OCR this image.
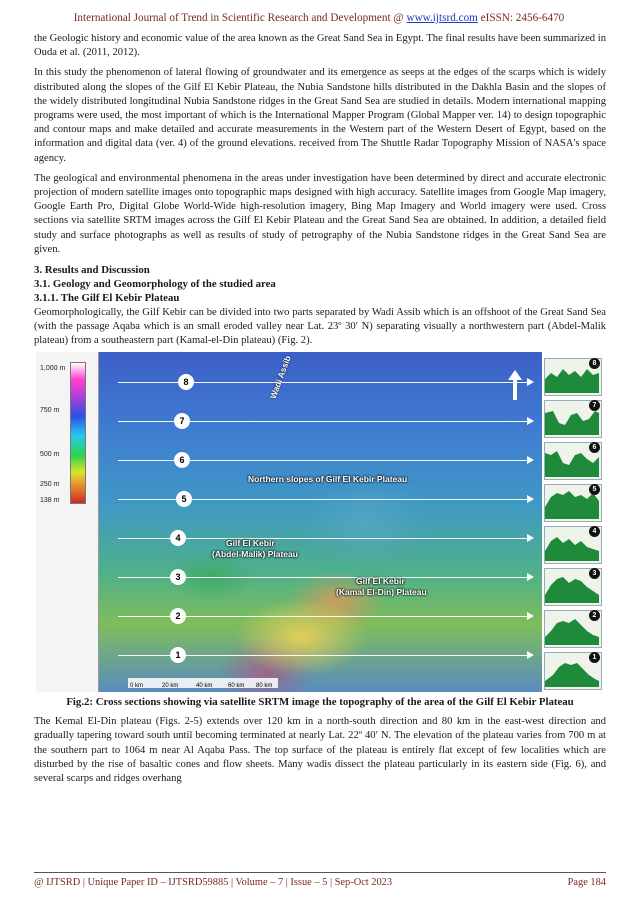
International Journal of Trend in Scientific Research and Development @ www.ijtsrd.com eISSN: 2456-6470

the Geologic history and economic value of the area known as the Great Sand Sea in Egypt. The final results have been summarized in Ouda et al. (2011, 2012).

In this study the phenomenon of lateral flowing of groundwater and its emergence as seeps at the edges of the scarps which is widely distributed along the slopes of the Gilf El Kebir Plateau, the Nubia Sandstone hills distributed in the Dakhla Basin and the slopes of the widely distributed longitudinal Nubia Sandstone ridges in the Great Sand Sea are studied in details. Modern international mapping programs were used, the most important of which is the International Mapper Program (Global Mapper ver. 14) to design topographic and contour maps and make detailed and accurate measurements in the Western part of the Western Desert of Egypt, based on the information and digital data (ver. 4) of the ground elevations. received from The Shuttle Radar Topography Mission of NASA's space agency.

The geological and environmental phenomena in the areas under investigation have been determined by direct and accurate electronic projection of modern satellite images onto topographic maps designed with high accuracy. Satellite images from Google Map imagery, Google Earth Pro, Digital Globe World-Wide high-resolution imagery, Bing Map Imagery and World imagery were used. Cross sections via satellite SRTM images across the Gilf El Kebir Plateau and the Great Sand Sea are obtained. In addition, a detailed field study and surface photographs as well as results of study of petrography of the Nubia Sandstone ridges in the Great Sand Sea are given.

3. Results and Discussion
3.1. Geology and Geomorphology of the studied area
3.1.1. The Gilf El Kebir Plateau

Geomorphologically, the Gilf Kebir can be divided into two parts separated by Wadi Assib which is an offshoot of the Great Sand Sea (with the passage Aqaba which is an small eroded valley near Lat. 23º 30′ N) separating visually a northwestern part (Abdel-Malik plateau) from a southeastern part (Kamal-el-Din plateau) (Fig. 2).

1,000 m
750 m
500 m
250 m
138 m
8
7
6
5
4
3
2
1
Wadi Assib
Northern slopes of Gilf El Kebir Plateau
Gilf El Kebir
(Abdel-Malik) Plateau
Gilf El Kebir
(Kamal El-Din) Plateau
0 km	20 km	40 km	60 km 80 km
8
7
6
5
4
3
2
1
Fig.2: Cross sections showing via satellite SRTM image the topography of the area of the Gilf El Kebir Plateau

The Kemal El-Din plateau (Figs. 2-5) extends over 120 km in a north-south direction and 80 km in the east-west direction and gradually tapering toward south until becoming terminated at nearly Lat. 22º 40′ N. The elevation of the plateau varies from 700 m at the southern part to 1064 m near Al Aqaba Pass. The top surface of the plateau is entirely flat except of few localities which are disturbed by the rise of basaltic cones and flow sheets. Many wadis dissect the plateau particularly in its eastern side (Fig. 6), and several scarps and ridges overhang

@ IJTSRD | Unique Paper ID – IJTSRD59885 | Volume – 7 | Issue – 5 | Sep-Oct 2023	Page 184
